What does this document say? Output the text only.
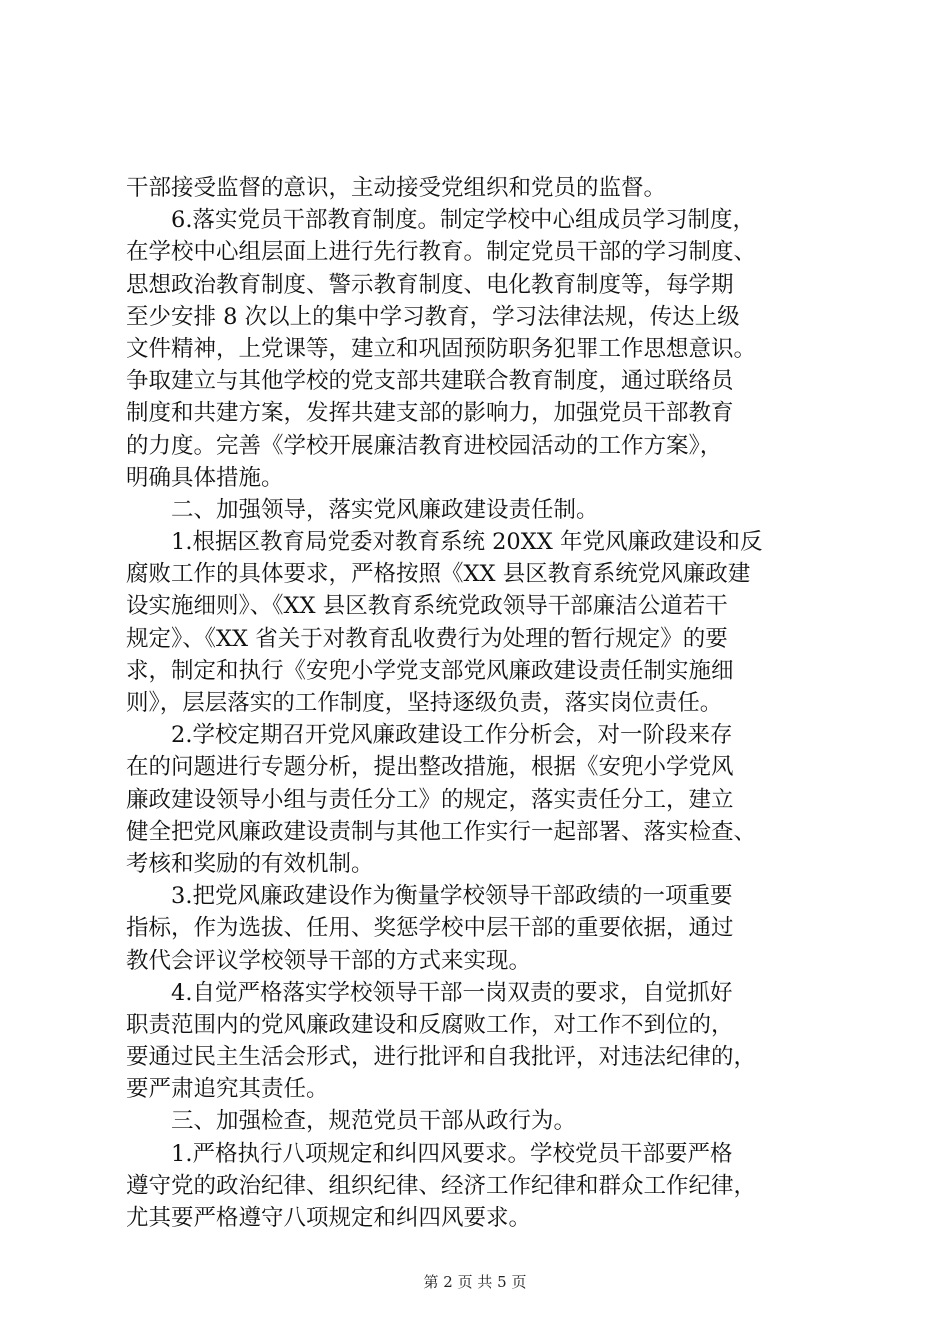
干部接受监督的意识，主动接受党组织和党员的监督。
6.落实党员干部教育制度。制定学校中心组成员学习制度，
在学校中心组层面上进行先行教育。制定党员干部的学习制度、
思想政治教育制度、警示教育制度、电化教育制度等，每学期
至少安排 8 次以上的集中学习教育，学习法律法规，传达上级
文件精神，上党课等，建立和巩固预防职务犯罪工作思想意识。
争取建立与其他学校的党支部共建联合教育制度，通过联络员
制度和共建方案，发挥共建支部的影响力，加强党员干部教育
的力度。完善《学校开展廉洁教育进校园活动的工作方案》，
明确具体措施。
二、加强领导，落实党风廉政建设责任制。
1.根据区教育局党委对教育系统 20XX 年党风廉政建设和反
腐败工作的具体要求，严格按照《XX 县区教育系统党风廉政建
设实施细则》、《XX 县区教育系统党政领导干部廉洁公道若干
规定》、《XX 省关于对教育乱收费行为处理的暂行规定》的要
求，制定和执行《安兜小学党支部党风廉政建设责任制实施细
则》，层层落实的工作制度，坚持逐级负责，落实岗位责任。
2.学校定期召开党风廉政建设工作分析会，对一阶段来存
在的问题进行专题分析，提出整改措施，根据《安兜小学党风
廉政建设领导小组与责任分工》的规定，落实责任分工，建立
健全把党风廉政建设责制与其他工作实行一起部署、落实检查、
考核和奖励的有效机制。
3.把党风廉政建设作为衡量学校领导干部政绩的一项重要
指标，作为选拔、任用、奖惩学校中层干部的重要依据，通过
教代会评议学校领导干部的方式来实现。
4.自觉严格落实学校领导干部一岗双责的要求，自觉抓好
职责范围内的党风廉政建设和反腐败工作，对工作不到位的，
要通过民主生活会形式，进行批评和自我批评，对违法纪律的，
要严肃追究其责任。
三、加强检查，规范党员干部从政行为。
1.严格执行八项规定和纠四风要求。学校党员干部要严格
遵守党的政治纪律、组织纪律、经济工作纪律和群众工作纪律，
尤其要严格遵守八项规定和纠四风要求。
第 2 页 共 5 页
